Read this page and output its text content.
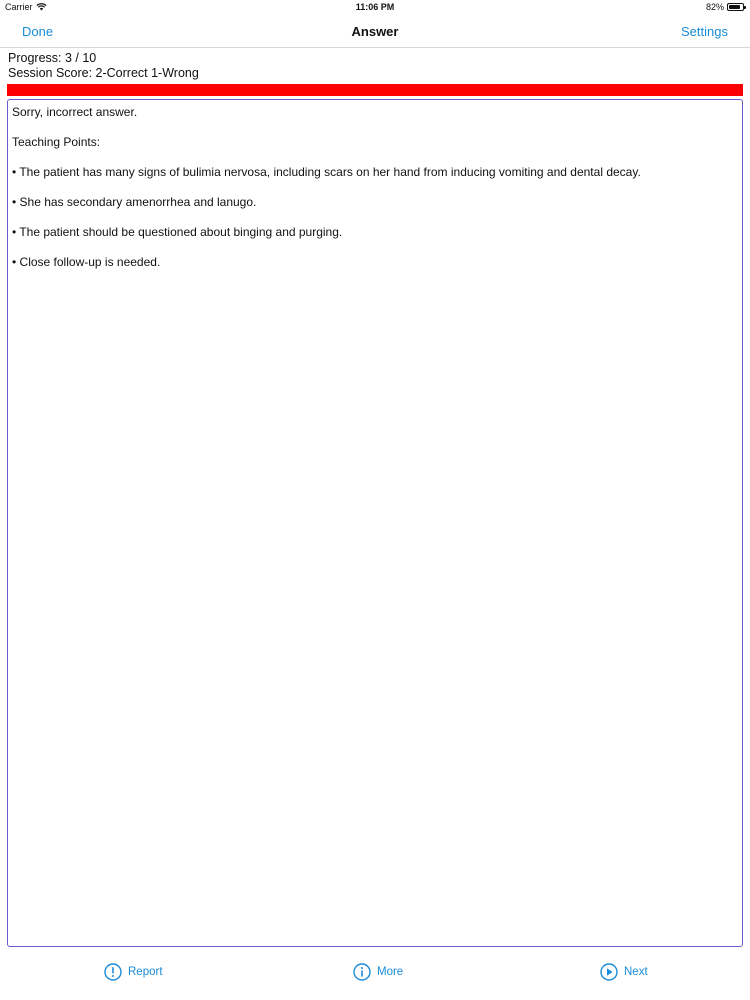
Carrier	11:06 PM	82%
Done	Answer	Settings
Progress: 3 / 10
Session Score: 2-Correct 1-Wrong

Sorry, incorrect answer.

Teaching Points:

• The patient has many signs of bulimia nervosa, including scars on her hand from inducing vomiting and dental decay.

• She has secondary amenorrhea and lanugo.

• The patient should be questioned about binging and purging.

• Close follow-up is needed.

Report	More	Next
